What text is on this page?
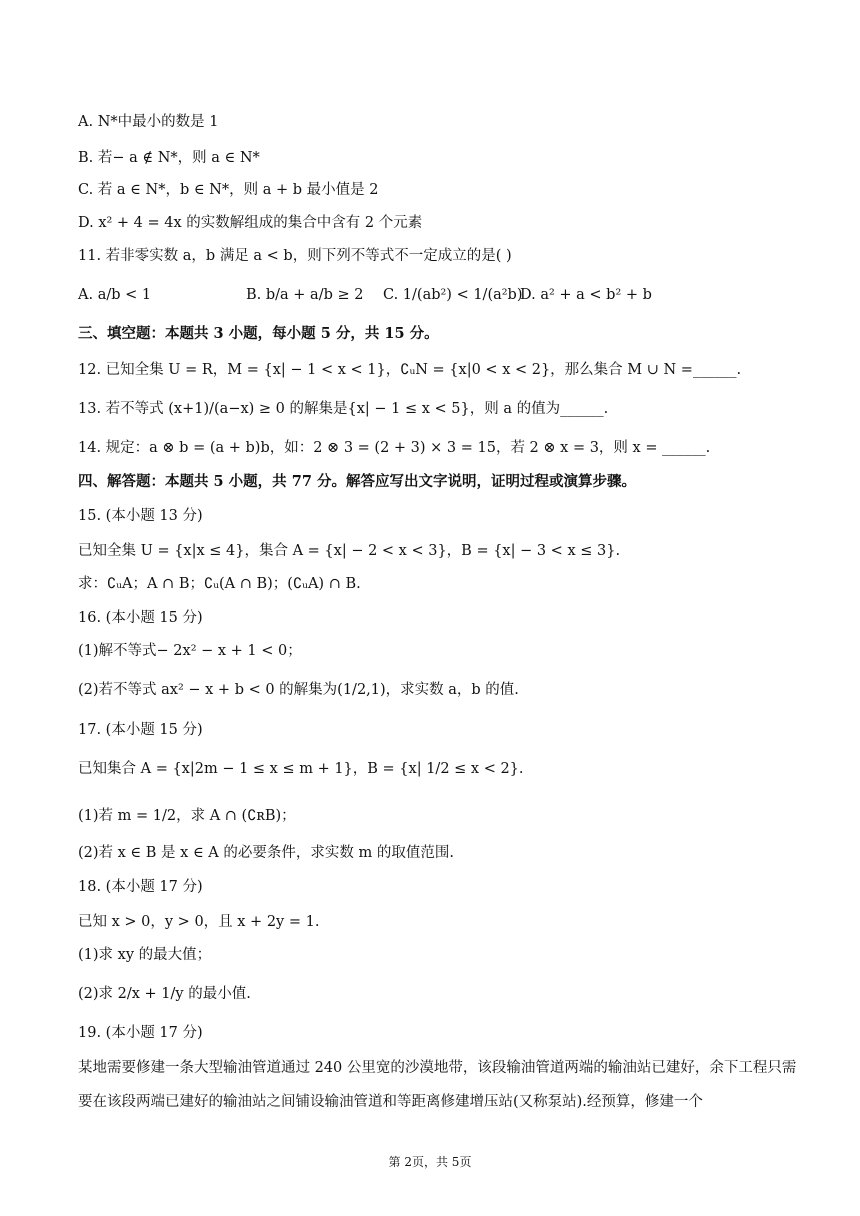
A. N*中最小的数是 1
B. 若− a ∉ N*，则 a ∈ N*
C. 若 a ∈ N*，b ∈ N*，则 a + b 最小值是 2
D. x² + 4 = 4x 的实数解组成的集合中含有 2 个元素
11. 若非零实数 a，b 满足 a < b，则下列不等式不一定成立的是( )
A. a/b < 1	B. b/a + a/b ≥ 2	C. 1/(ab²) < 1/(a²b)
D. a² + a < b² + b
三、填空题：本题共 3 小题，每小题 5 分，共 15 分。
12. 已知全集 U = R，M = {x| − 1 < x < 1}，∁ᵤN = {x|0 < x < 2}，那么集合 M ∪ N =______.
13. 若不等式 (x+1)/(a−x) ≥ 0 的解集是{x| − 1 ≤ x < 5}，则 a 的值为______.
14. 规定：a ⊗ b = (a + b)b，如：2 ⊗ 3 = (2 + 3) × 3 = 15，若 2 ⊗ x = 3，则 x = ______.
四、解答题：本题共 5 小题，共 77 分。解答应写出文字说明，证明过程或演算步骤。
15. (本小题 13 分)
已知全集 U = {x|x ≤ 4}，集合 A = {x| − 2 < x < 3}，B = {x| − 3 < x ≤ 3}.
求：∁ᵤA；A ∩ B；∁ᵤ(A ∩ B)；(∁ᵤA) ∩ B.
16. (本小题 15 分)
(1)解不等式− 2x² − x + 1 < 0；
(2)若不等式 ax² − x + b < 0 的解集为(1/2,1)，求实数 a，b 的值.
17. (本小题 15 分)
已知集合 A = {x|2m − 1 ≤ x ≤ m + 1}，B = {x| 1/2 ≤ x < 2}.
(1)若 m = 1/2，求 A ∩ (∁ʀB)；
(2)若 x ∈ B 是 x ∈ A 的必要条件，求实数 m 的取值范围.
18. (本小题 17 分)
已知 x > 0，y > 0，且 x + 2y = 1.
(1)求 xy 的最大值；
(2)求 2/x + 1/y 的最小值.
19. (本小题 17 分)
某地需要修建一条大型输油管道通过 240 公里宽的沙漠地带，该段输油管道两端的输油站已建好，余下工程只需要在该段两端已建好的输油站之间铺设输油管道和等距离修建增压站(又称泵站).经预算，修建一个
第 2页，共 5页
